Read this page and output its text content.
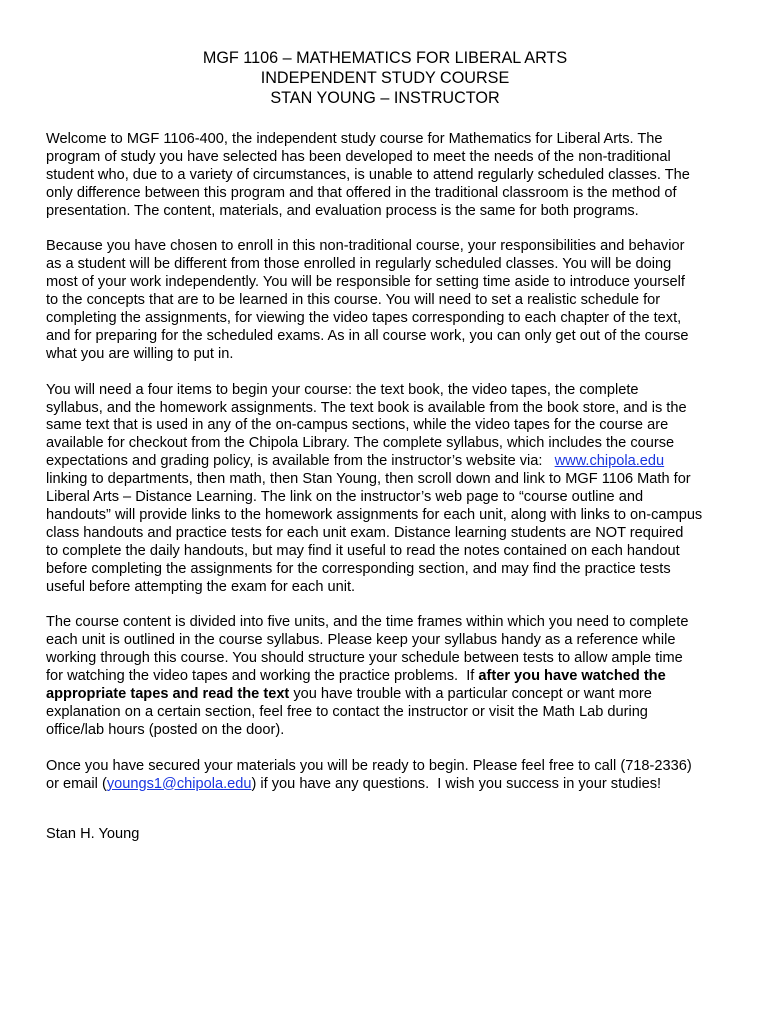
MGF 1106 – MATHEMATICS FOR LIBERAL ARTS
INDEPENDENT STUDY COURSE
STAN YOUNG – INSTRUCTOR

Welcome to MGF 1106-400, the independent study course for Mathematics for Liberal Arts. The
program of study you have selected has been developed to meet the needs of the non-traditional
student who, due to a variety of circumstances, is unable to attend regularly scheduled classes. The
only difference between this program and that offered in the traditional classroom is the method of
presentation. The content, materials, and evaluation process is the same for both programs.

Because you have chosen to enroll in this non-traditional course, your responsibilities and behavior
as a student will be different from those enrolled in regularly scheduled classes. You will be doing
most of your work independently. You will be responsible for setting time aside to introduce yourself
to the concepts that are to be learned in this course. You will need to set a realistic schedule for
completing the assignments, for viewing the video tapes corresponding to each chapter of the text,
and for preparing for the scheduled exams. As in all course work, you can only get out of the course
what you are willing to put in.

You will need a four items to begin your course: the text book, the video tapes, the complete
syllabus, and the homework assignments. The text book is available from the book store, and is the
same text that is used in any of the on-campus sections, while the video tapes for the course are
available for checkout from the Chipola Library. The complete syllabus, which includes the course
expectations and grading policy, is available from the instructor’s website via:   www.chipola.edu
linking to departments, then math, then Stan Young, then scroll down and link to MGF 1106 Math for
Liberal Arts – Distance Learning. The link on the instructor’s web page to “course outline and
handouts” will provide links to the homework assignments for each unit, along with links to on-campus
class handouts and practice tests for each unit exam. Distance learning students are NOT required
to complete the daily handouts, but may find it useful to read the notes contained on each handout
before completing the assignments for the corresponding section, and may find the practice tests
useful before attempting the exam for each unit.

The course content is divided into five units, and the time frames within which you need to complete
each unit is outlined in the course syllabus. Please keep your syllabus handy as a reference while
working through this course. You should structure your schedule between tests to allow ample time
for watching the video tapes and working the practice problems.  If after you have watched the
appropriate tapes and read the text you have trouble with a particular concept or want more
explanation on a certain section, feel free to contact the instructor or visit the Math Lab during
office/lab hours (posted on the door).

Once you have secured your materials you will be ready to begin. Please feel free to call (718-2336)
or email (youngs1@chipola.edu) if you have any questions.  I wish you success in your studies!

Stan H. Young
